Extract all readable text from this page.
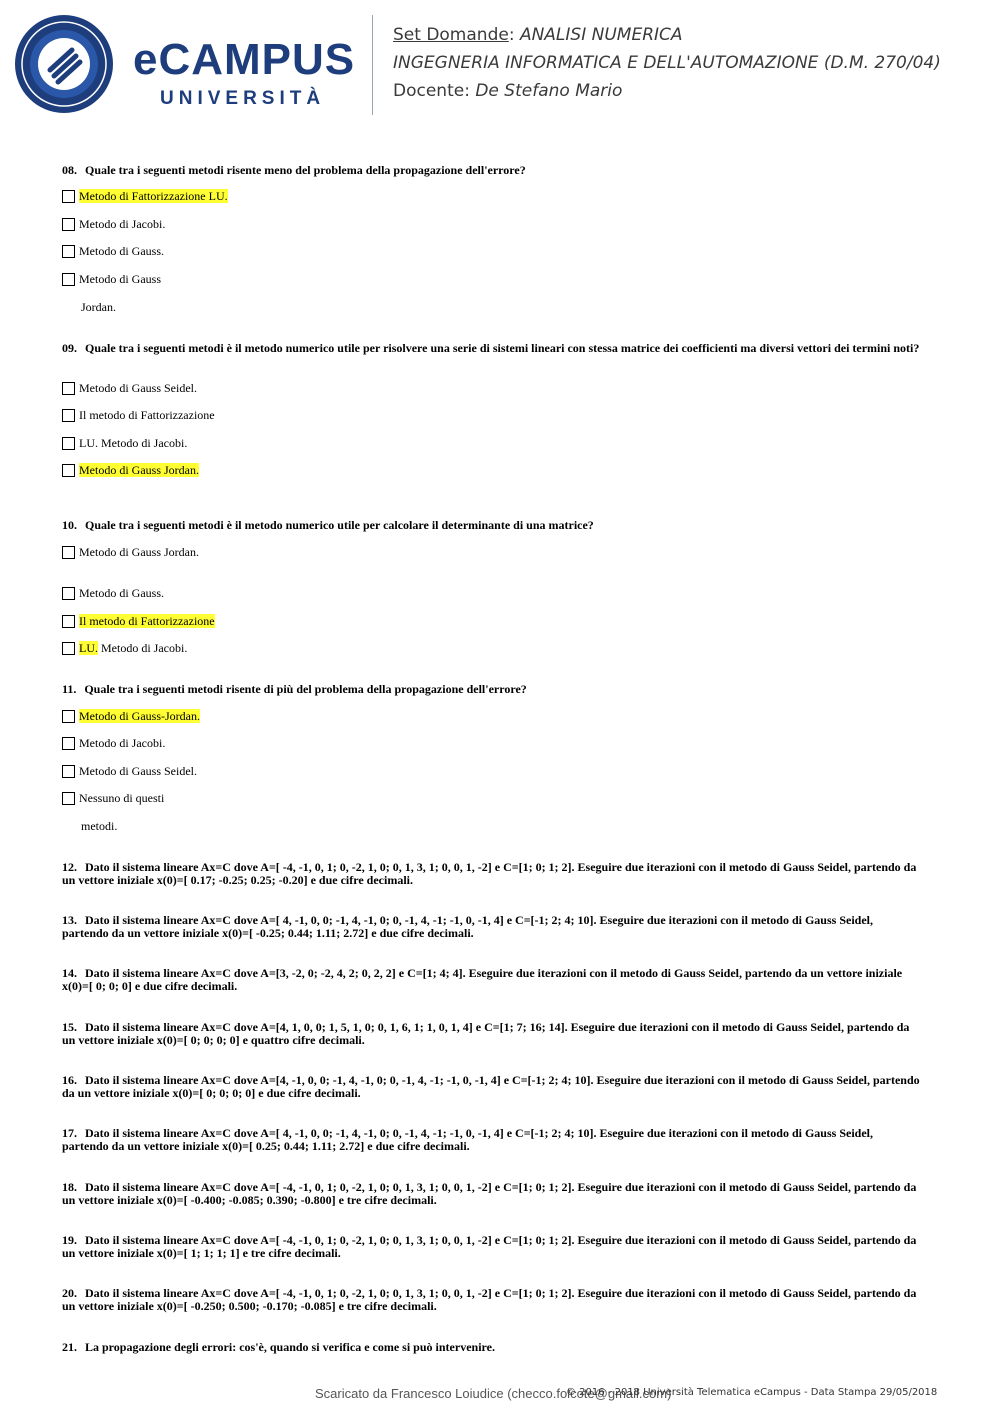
eCAMPUS
UNIVERSITÀ
Set Domande: ANALISI NUMERICA
INGEGNERIA INFORMATICA E DELL'AUTOMAZIONE (D.M. 270/04)
Docente: De Stefano Mario
08. Quale tra i seguenti metodi risente meno del problema della propagazione dell'errore?
Metodo di Fattorizzazione LU.
Metodo di Jacobi.
Metodo di Gauss.
Metodo di Gauss
Jordan.
09. Quale tra i seguenti metodi è il metodo numerico utile per risolvere una serie di sistemi lineari con stessa matrice dei coefficienti ma diversi vettori dei termini noti?
Metodo di Gauss Seidel.
Il metodo di Fattorizzazione
LU. Metodo di Jacobi.
Metodo di Gauss Jordan.
10. Quale tra i seguenti metodi è il metodo numerico utile per calcolare il determinante di una matrice?
Metodo di Gauss Jordan.
Metodo di Gauss.
Il metodo di Fattorizzazione
LU. Metodo di Jacobi.
11. Quale tra i seguenti metodi risente di più del problema della propagazione dell'errore?
Metodo di Gauss-Jordan.
Metodo di Jacobi.
Metodo di Gauss Seidel.
Nessuno di questi
metodi.
12. Dato il sistema lineare Ax=C dove A=[ -4, -1, 0, 1; 0, -2, 1, 0; 0, 1, 3, 1; 0, 0, 1, -2] e C=[1; 0; 1; 2]. Eseguire due iterazioni con il metodo di Gauss Seidel, partendo da un vettore iniziale x(0)=[ 0.17; -0.25; 0.25; -0.20] e due cifre decimali.
13. Dato il sistema lineare Ax=C dove A=[ 4, -1, 0, 0; -1, 4, -1, 0; 0, -1, 4, -1; -1, 0, -1, 4] e C=[-1; 2; 4; 10]. Eseguire due iterazioni con il metodo di Gauss Seidel, partendo da un vettore iniziale x(0)=[ -0.25; 0.44; 1.11; 2.72] e due cifre decimali.
14. Dato il sistema lineare Ax=C dove A=[3, -2, 0; -2, 4, 2; 0, 2, 2] e C=[1; 4; 4]. Eseguire due iterazioni con il metodo di Gauss Seidel, partendo da un vettore iniziale x(0)=[ 0; 0; 0] e due cifre decimali.
15. Dato il sistema lineare Ax=C dove A=[4, 1, 0, 0; 1, 5, 1, 0; 0, 1, 6, 1; 1, 0, 1, 4] e C=[1; 7; 16; 14]. Eseguire due iterazioni con il metodo di Gauss Seidel, partendo da un vettore iniziale x(0)=[ 0; 0; 0; 0] e quattro cifre decimali.
16. Dato il sistema lineare Ax=C dove A=[4, -1, 0, 0; -1, 4, -1, 0; 0, -1, 4, -1; -1, 0, -1, 4] e C=[-1; 2; 4; 10]. Eseguire due iterazioni con il metodo di Gauss Seidel, partendo da un vettore iniziale x(0)=[ 0; 0; 0; 0] e due cifre decimali.
17. Dato il sistema lineare Ax=C dove A=[ 4, -1, 0, 0; -1, 4, -1, 0; 0, -1, 4, -1; -1, 0, -1, 4] e C=[-1; 2; 4; 10]. Eseguire due iterazioni con il metodo di Gauss Seidel, partendo da un vettore iniziale x(0)=[ 0.25; 0.44; 1.11; 2.72] e due cifre decimali.
18. Dato il sistema lineare Ax=C dove A=[ -4, -1, 0, 1; 0, -2, 1, 0; 0, 1, 3, 1; 0, 0, 1, -2] e C=[1; 0; 1; 2]. Eseguire due iterazioni con il metodo di Gauss Seidel, partendo da un vettore iniziale x(0)=[ -0.400; -0.085; 0.390; -0.800] e tre cifre decimali.
19. Dato il sistema lineare Ax=C dove A=[ -4, -1, 0, 1; 0, -2, 1, 0; 0, 1, 3, 1; 0, 0, 1, -2] e C=[1; 0; 1; 2]. Eseguire due iterazioni con il metodo di Gauss Seidel, partendo da un vettore iniziale x(0)=[ 1; 1; 1; 1] e tre cifre decimali.
20. Dato il sistema lineare Ax=C dove A=[ -4, -1, 0, 1; 0, -2, 1, 0; 0, 1, 3, 1; 0, 0, 1, -2] e C=[1; 0; 1; 2]. Eseguire due iterazioni con il metodo di Gauss Seidel, partendo da un vettore iniziale x(0)=[ -0.250; 0.500; -0.170; -0.085] e tre cifre decimali.
21. La propagazione degli errori: cos'è, quando si verifica e come si può intervenire.
Scaricato da Francesco Loiudice (checco.folcote@gmail.com)
© 2016 - 2018 Università Telematica eCampus - Data Stampa 29/05/2018
